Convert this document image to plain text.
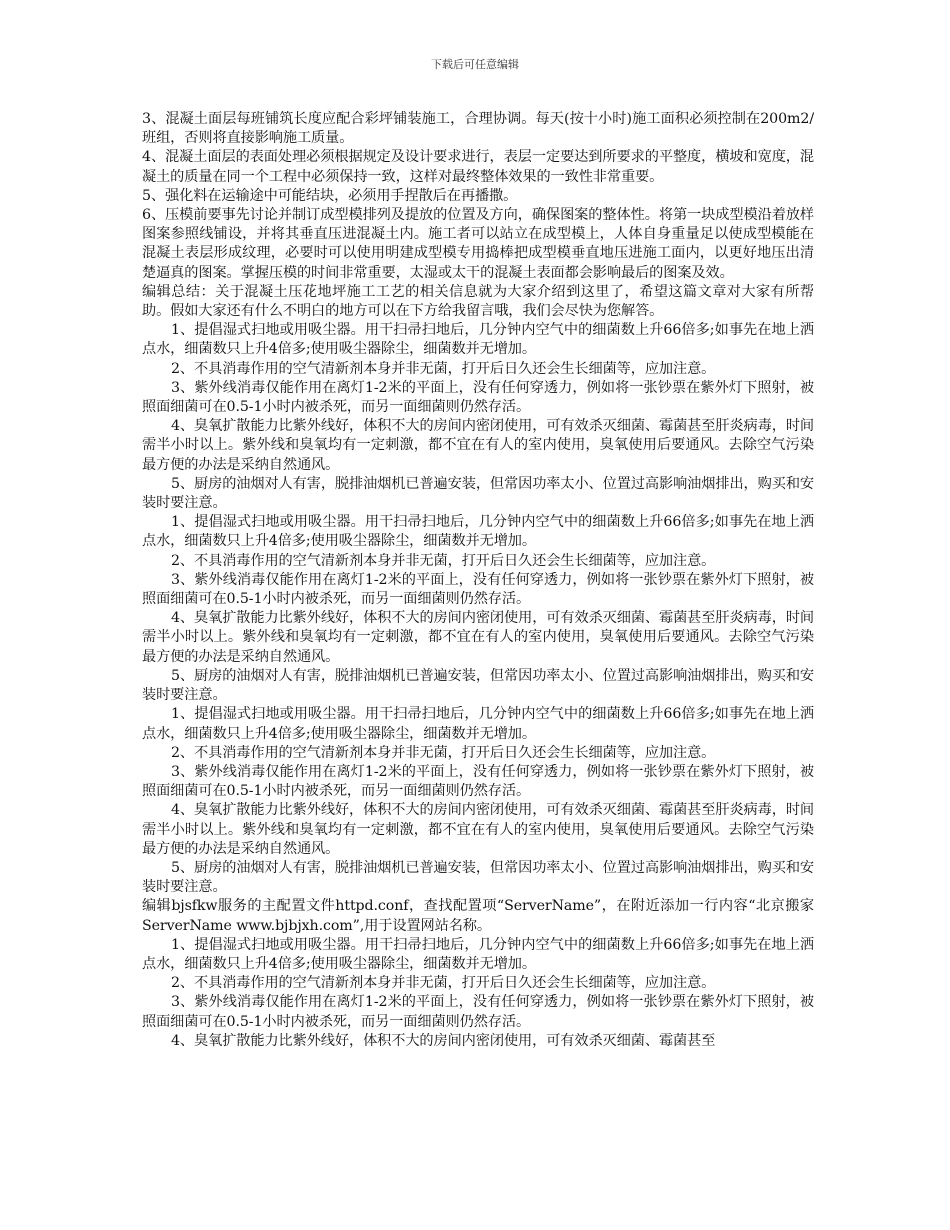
下载后可任意编辑

3、混凝土面层每班铺筑长度应配合彩坪铺装施工，合理协调。每天(按十小时)施工面积必须控制在200m2/班组，否则将直接影响施工质量。

4、混凝土面层的表面处理必须根据规定及设计要求进行，表层一定要达到所要求的平整度，横坡和宽度，混凝土的质量在同一个工程中必须保持一致，这样对最终整体效果的一致性非常重要。

5、强化料在运输途中可能结块，必须用手捏散后在再播撒。

6、压模前要事先讨论并制订成型模排列及提放的位置及方向，确保图案的整体性。将第一块成型模沿着放样图案参照线铺设，并将其垂直压进混凝土内。施工者可以站立在成型模上，人体自身重量足以使成型模能在混凝土表层形成纹理，必要时可以使用明建成型模专用捣棒把成型模垂直地压进施工面内，以更好地压出清楚逼真的图案。掌握压模的时间非常重要，太湿或太干的混凝土表面都会影响最后的图案及效。

编辑总结：关于混凝土压花地坪施工工艺的相关信息就为大家介绍到这里了，希望这篇文章对大家有所帮助。假如大家还有什么不明白的地方可以在下方给我留言哦，我们会尽快为您解答。

1、提倡湿式扫地或用吸尘器。用干扫帚扫地后，几分钟内空气中的细菌数上升66倍多;如事先在地上洒点水，细菌数只上升4倍多;使用吸尘器除尘，细菌数并无增加。

2、不具消毒作用的空气清新剂本身并非无菌，打开后日久还会生长细菌等，应加注意。

3、紫外线消毒仅能作用在离灯1-2米的平面上，没有任何穿透力，例如将一张钞票在紫外灯下照射，被照面细菌可在0.5-1小时内被杀死，而另一面细菌则仍然存活。

4、臭氧扩散能力比紫外线好，体积不大的房间内密闭使用，可有效杀灭细菌、霉菌甚至肝炎病毒，时间需半小时以上。紫外线和臭氧均有一定刺激，都不宜在有人的室内使用，臭氧使用后要通风。去除空气污染最方便的办法是采纳自然通风。

5、厨房的油烟对人有害，脱排油烟机已普遍安装，但常因功率太小、位置过高影响油烟排出，购买和安装时要注意。

1、提倡湿式扫地或用吸尘器。用干扫帚扫地后，几分钟内空气中的细菌数上升66倍多;如事先在地上洒点水，细菌数只上升4倍多;使用吸尘器除尘，细菌数并无增加。

2、不具消毒作用的空气清新剂本身并非无菌，打开后日久还会生长细菌等，应加注意。

3、紫外线消毒仅能作用在离灯1-2米的平面上，没有任何穿透力，例如将一张钞票在紫外灯下照射，被照面细菌可在0.5-1小时内被杀死，而另一面细菌则仍然存活。

4、臭氧扩散能力比紫外线好，体积不大的房间内密闭使用，可有效杀灭细菌、霉菌甚至肝炎病毒，时间需半小时以上。紫外线和臭氧均有一定刺激，都不宜在有人的室内使用，臭氧使用后要通风。去除空气污染最方便的办法是采纳自然通风。

5、厨房的油烟对人有害，脱排油烟机已普遍安装，但常因功率太小、位置过高影响油烟排出，购买和安装时要注意。

1、提倡湿式扫地或用吸尘器。用干扫帚扫地后，几分钟内空气中的细菌数上升66倍多;如事先在地上洒点水，细菌数只上升4倍多;使用吸尘器除尘，细菌数并无增加。

2、不具消毒作用的空气清新剂本身并非无菌，打开后日久还会生长细菌等，应加注意。

3、紫外线消毒仅能作用在离灯1-2米的平面上，没有任何穿透力，例如将一张钞票在紫外灯下照射，被照面细菌可在0.5-1小时内被杀死，而另一面细菌则仍然存活。

4、臭氧扩散能力比紫外线好，体积不大的房间内密闭使用，可有效杀灭细菌、霉菌甚至肝炎病毒，时间需半小时以上。紫外线和臭氧均有一定刺激，都不宜在有人的室内使用，臭氧使用后要通风。去除空气污染最方便的办法是采纳自然通风。

5、厨房的油烟对人有害，脱排油烟机已普遍安装，但常因功率太小、位置过高影响油烟排出，购买和安装时要注意。

编辑bjsfkw服务的主配置文件httpd.conf，查找配置项“ServerName”，在附近添加一行内容“北京搬家ServerName www.bjbjxh.com”,用于设置网站名称。

1、提倡湿式扫地或用吸尘器。用干扫帚扫地后，几分钟内空气中的细菌数上升66倍多;如事先在地上洒点水，细菌数只上升4倍多;使用吸尘器除尘，细菌数并无增加。

2、不具消毒作用的空气清新剂本身并非无菌，打开后日久还会生长细菌等，应加注意。

3、紫外线消毒仅能作用在离灯1-2米的平面上，没有任何穿透力，例如将一张钞票在紫外灯下照射，被照面细菌可在0.5-1小时内被杀死，而另一面细菌则仍然存活。

4、臭氧扩散能力比紫外线好，体积不大的房间内密闭使用，可有效杀灭细菌、霉菌甚至
